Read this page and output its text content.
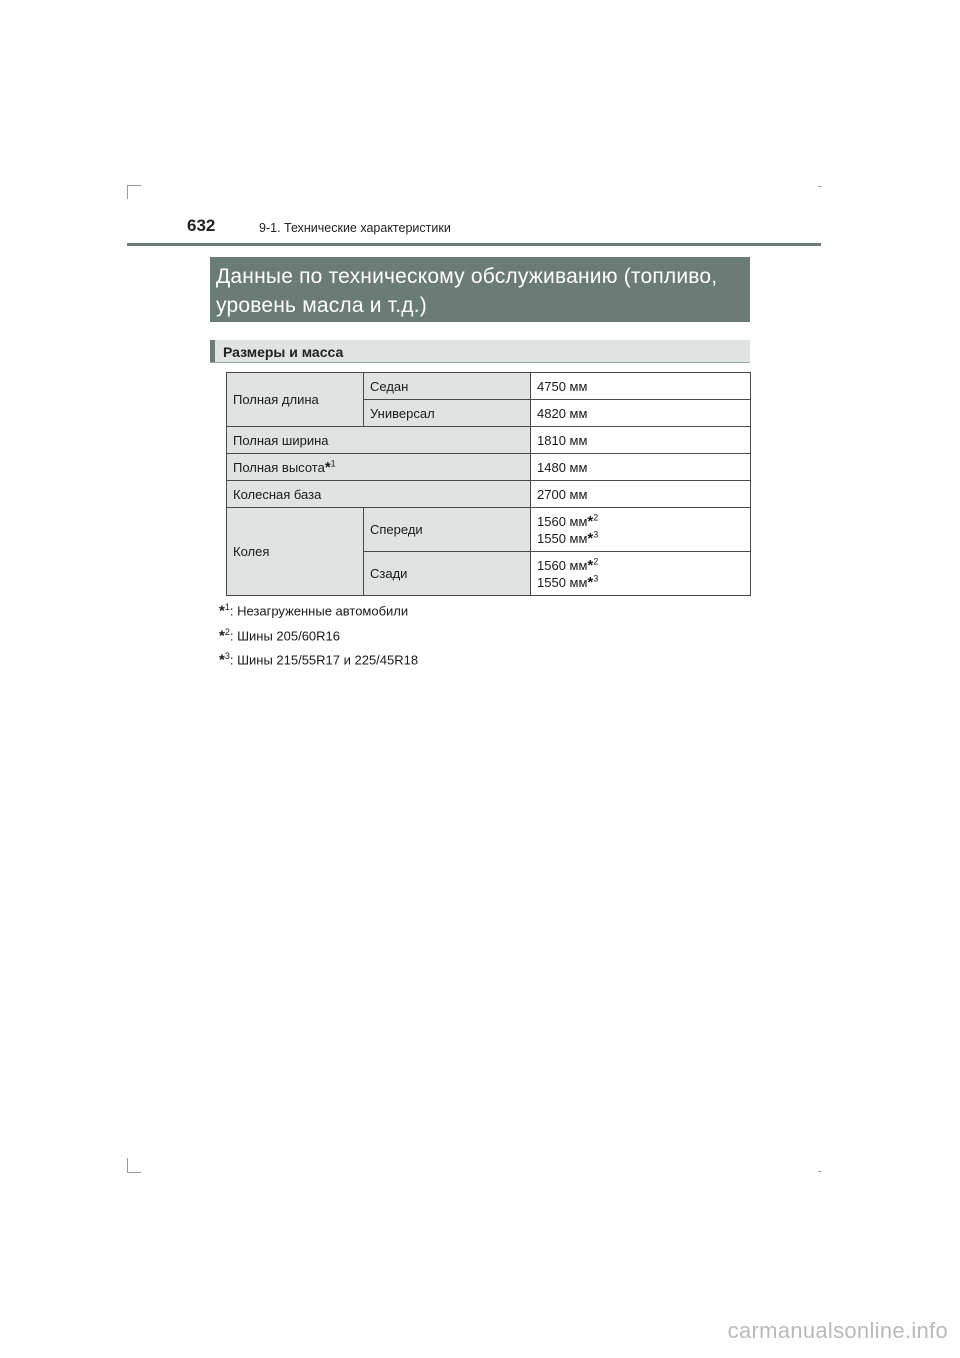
632	9-1. Технические характеристики
Данные по техническому обслуживанию (топливо,
уровень масла и т.д.)
Размеры и масса
Полная длина	Седан	4750 мм
	Универсал	4820 мм
Полная ширина		1810 мм
Полная высота*$^1$		1480 мм
Колесная база		2700 мм
Колея	Спереди	1560 мм*$^2$
1550 мм*$^3$

	Сзади	1560 мм*$^2$
1550 мм*$^3$
*$^1$: Незагруженные автомобили
*$^2$: Шины 205/60R16
*$^3$: Шины 215/55R17 и 225/45R18
carmanualsonline.info
